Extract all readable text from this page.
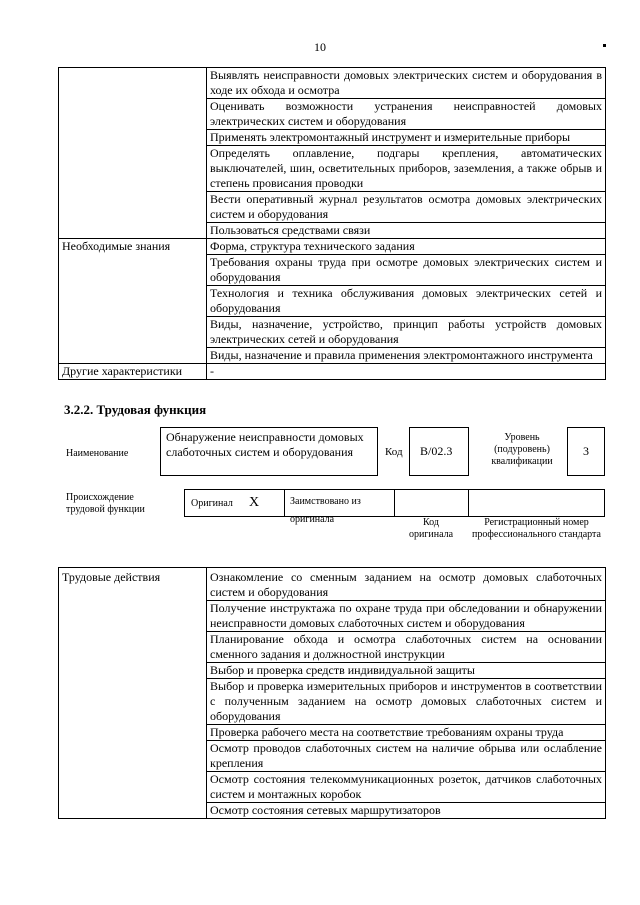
10
	Выявлять неисправности домовых электрических систем и оборудования в ходе их обхода и осмотра
	Оценивать возможности устранения неисправностей домовых электрических систем и оборудования
	Применять электромонтажный инструмент и измерительные приборы
	Определять оплавление, подгары крепления, автоматических выключателей, шин, осветительных приборов, заземления, а также обрыв и степень провисания проводки
	Вести оперативный журнал результатов осмотра домовых электрических систем и оборудования
	Пользоваться средствами связи
Необходимые знания	Форма, структура технического задания
	Требования охраны труда при осмотре домовых электрических систем и оборудования
	Технология и техника обслуживания домовых электрических сетей и оборудования
	Виды, назначение, устройство, принцип работы устройств домовых электрических сетей и оборудования
	Виды, назначение и правила применения электромонтажного инструмента
Другие характеристики	-
3.2.2. Трудовая функция
Наименование
Обнаружение неисправности домовых слаботочных систем и оборудования	Код	B/02.3
Уровень (подуровень) квалификации
3
Происхождение трудовой функции
Оригинал X	Заимствовано из оригинала	Код оригинала
Регистрационный номер профессионального стандарта
Трудовые действия	Ознакомление со сменным заданием на осмотр домовых слаботочных систем и оборудования
Получение инструктажа по охране труда при обследовании и обнаружении неисправности домовых слаботочных систем и оборудования
Планирование обхода и осмотра слаботочных систем на основании сменного задания и должностной инструкции
Выбор и проверка средств индивидуальной защиты
Выбор и проверка измерительных приборов и инструментов в соответствии с полученным заданием на осмотр домовых слаботочных систем и оборудования
Проверка рабочего места на соответствие требованиям охраны труда
Осмотр проводов слаботочных систем на наличие обрыва или ослабление крепления
Осмотр состояния телекоммуникационных розеток, датчиков слаботочных систем и монтажных коробок
Осмотр состояния сетевых маршрутизаторов
